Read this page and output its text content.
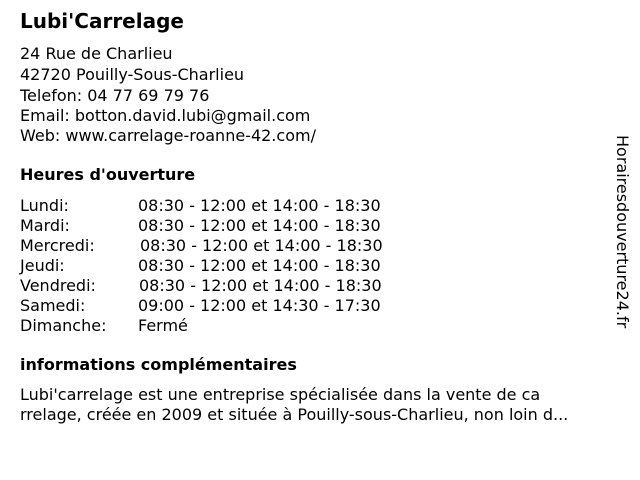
Lubi'Carrelage
24 Rue de Charlieu
42720 Pouilly-Sous-Charlieu
Telefon: 04 77 69 79 76
Email: botton.david.lubi@gmail.com
Web: www.carrelage-roanne-42.com/
Heures d'ouverture
Lundi:	08:30 - 12:00 et 14:00 - 18:30
Mardi:	08:30 - 12:00 et 14:00 - 18:30
Mercredi:	08:30 - 12:00 et 14:00 - 18:30
Jeudi:	08:30 - 12:00 et 14:00 - 18:30
Vendredi:	08:30 - 12:00 et 14:00 - 18:30
Samedi:	09:00 - 12:00 et 14:30 - 17:30
Dimanche: Fermé
informations complémentaires
Lubi'carrelage est une entreprise spécialisée dans la vente de ca
rrelage, créée en 2009 et située à Pouilly-sous-Charlieu, non loin d...
Horairesdouverture24.fr
